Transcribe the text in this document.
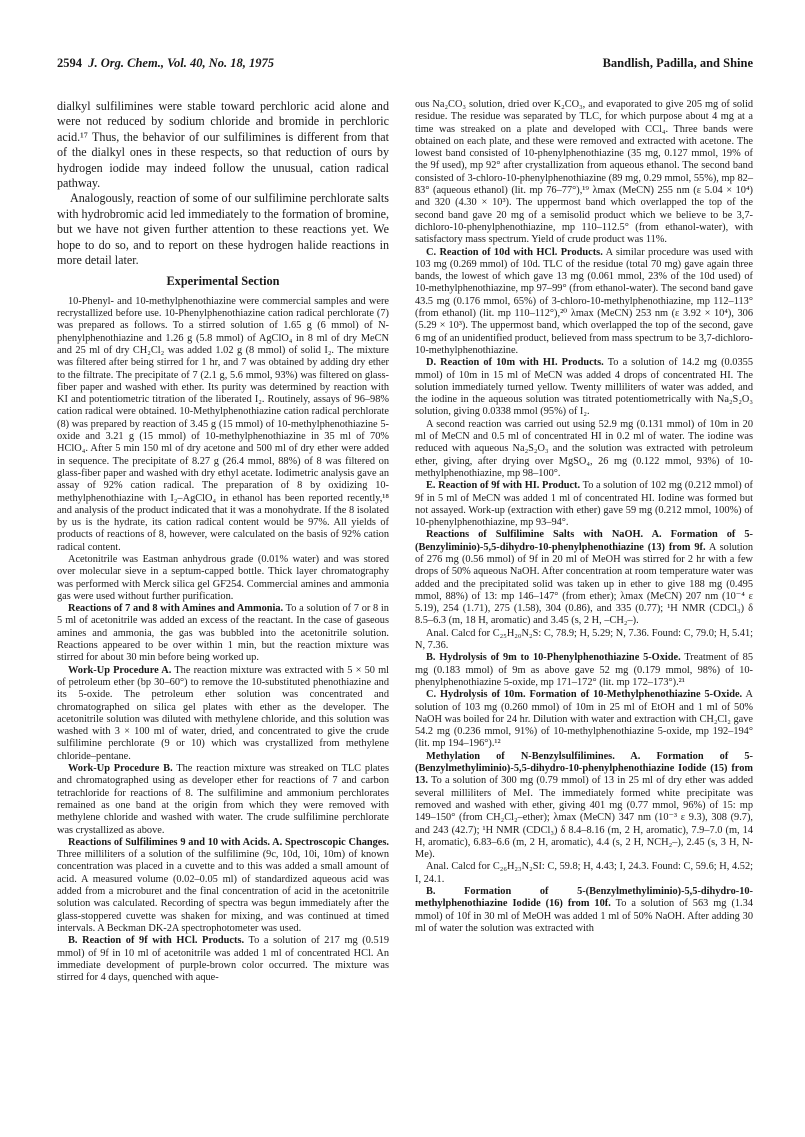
2594 J. Org. Chem., Vol. 40, No. 18, 1975	Bandlish, Padilla, and Shine

dialkyl sulfilimines were stable toward perchloric acid alone and were not reduced by sodium chloride and bromide in perchloric acid.¹⁷ Thus, the behavior of our sulfilimines is different from that of the dialkyl ones in these respects, so that reduction of ours by hydrogen iodide may indeed follow the unusual, cation radical pathway.

Analogously, reaction of some of our sulfilimine perchlorate salts with hydrobromic acid led immediately to the formation of bromine, but we have not given further attention to these reactions yet. We hope to do so, and to report on these hydrogen halide reactions in more detail later.

Experimental Section

10-Phenyl- and 10-methylphenothiazine were commercial samples and were recrystallized before use. 10-Phenylphenothiazine cation radical perchlorate (7) was prepared as follows. To a stirred solution of 1.65 g (6 mmol) of N-phenylphenothiazine and 1.26 g (5.8 mmol) of AgClO₄ in 8 ml of dry MeCN and 25 ml of dry CH₂Cl₂ was added 1.02 g (8 mmol) of solid I₂. The mixture was filtered after being stirred for 1 hr, and 7 was obtained by adding dry ether to the filtrate. The precipitate of 7 (2.1 g, 5.6 mmol, 93%) was filtered on glass-fiber paper and washed with ether. Its purity was determined by reaction with KI and potentiometric titration of the liberated I₂. Routinely, assays of 96–98% cation radical were obtained. 10-Methylphenothiazine cation radical perchlorate (8) was prepared by reaction of 3.45 g (15 mmol) of 10-methylphenothiazine 5-oxide and 3.21 g (15 mmol) of 10-methylphenothiazine in 35 ml of 70% HClO₄. After 5 min 150 ml of dry acetone and 500 ml of dry ether were added in sequence. The precipitate of 8.27 g (26.4 mmol, 88%) of 8 was filtered on glass-fiber paper and washed with dry ethyl acetate. Iodimetric analysis gave an assay of 92% cation radical. The preparation of 8 by oxidizing 10-methylphenothiazine with I₂–AgClO₄ in ethanol has been reported recently,¹⁸ and analysis of the product indicated that it was a monohydrate. If the 8 isolated by us is the hydrate, its cation radical content would be 97%. All yields of products of reactions of 8, however, were calculated on the basis of 92% cation radical content.

Acetonitrile was Eastman anhydrous grade (0.01% water) and was stored over molecular sieve in a septum-capped bottle. Thick layer chromatography was performed with Merck silica gel GF254. Commercial amines and ammonia gas were used without further purification.

Reactions of 7 and 8 with Amines and Ammonia. To a solution of 7 or 8 in 5 ml of acetonitrile was added an excess of the reactant. In the case of gaseous amines and ammonia, the gas was bubbled into the acetonitrile solution. Reactions appeared to be over within 1 min, but the reaction mixture was stirred for about 30 min before being worked up.

Work-Up Procedure A. The reaction mixture was extracted with 5 × 50 ml of petroleum ether (bp 30–60°) to remove the 10-substituted phenothiazine and its 5-oxide. The petroleum ether solution was concentrated and chromatographed on silica gel plates with ether as the developer. The acetonitrile solution was diluted with methylene chloride, and this solution was washed with 3 × 100 ml of water, dried, and concentrated to give the crude sulfilimine perchlorate (9 or 10) which was crystallized from methylene chloride–pentane.

Work-Up Procedure B. The reaction mixture was streaked on TLC plates and chromatographed using as developer ether for reactions of 7 and carbon tetrachloride for reactions of 8. The sulfilimine and ammonium perchlorates remained as one band at the origin from which they were removed with methylene chloride and washed with water. The crude sulfilimine perchlorate was crystallized as above.

Reactions of Sulfilimines 9 and 10 with Acids. A. Spectroscopic Changes. Three milliliters of a solution of the sulfilimine (9c, 10d, 10i, 10m) of known concentration was placed in a cuvette and to this was added a small amount of acid. A measured volume (0.02–0.05 ml) of standardized aqueous acid was added from a microburet and the final concentration of acid in the acetonitrile solution was calculated. Recording of spectra was begun immediately after the glass-stoppered cuvette was shaken for mixing, and was continued at timed intervals. A Beckman DK-2A spectrophotometer was used.

B. Reaction of 9f with HCl. Products. To a solution of 217 mg (0.519 mmol) of 9f in 10 ml of acetonitrile was added 1 ml of concentrated HCl. An immediate development of purple-brown color occurred. The mixture was stirred for 4 days, quenched with aque-

ous Na₂CO₃ solution, dried over K₂CO₃, and evaporated to give 205 mg of solid residue. The residue was separated by TLC, for which purpose about 4 mg at a time was streaked on a plate and developed with CCl₄. Three bands were obtained on each plate, and these were removed and extracted with acetone. The lowest band consisted of 10-phenylphenothiazine (35 mg, 0.127 mmol, 19% of the 9f used), mp 92° after crystallization from aqueous ethanol. The second band consisted of 3-chloro-10-phenylphenothiazine (89 mg, 0.29 mmol, 55%), mp 82–83° (aqueous ethanol) (lit. mp 76–77°),¹⁹ λmax (MeCN) 255 nm (ε 5.04 × 10⁴) and 320 (4.30 × 10³). The uppermost band which overlapped the top of the second band gave 20 mg of a semisolid product which we believe to be 3,7-dichloro-10-phenylphenothiazine, mp 110–112.5° (from ethanol-water), with satisfactory mass spectrum. Yield of crude product was 11%.

C. Reaction of 10d with HCl. Products. A similar procedure was used with 103 mg (0.269 mmol) of 10d. TLC of the residue (total 70 mg) gave again three bands, the lowest of which gave 13 mg (0.061 mmol, 23% of the 10d used) of 10-methylphenothiazine, mp 97–99° (from ethanol-water). The second band gave 43.5 mg (0.176 mmol, 65%) of 3-chloro-10-methylphenothiazine, mp 112–113° (from ethanol) (lit. mp 110–112°),²⁰ λmax (MeCN) 253 nm (ε 3.92 × 10⁴), 306 (5.29 × 10³). The uppermost band, which overlapped the top of the second, gave 6 mg of an unidentified product, believed from mass spectrum to be 3,7-dichloro-10-methylphenothiazine.

D. Reaction of 10m with HI. Products. To a solution of 14.2 mg (0.0355 mmol) of 10m in 15 ml of MeCN was added 4 drops of concentrated HI. The solution immediately turned yellow. Twenty milliliters of water was added, and the iodine in the aqueous solution was titrated potentiometrically with Na₂S₂O₃ solution, giving 0.0338 mmol (95%) of I₂.

A second reaction was carried out using 52.9 mg (0.131 mmol) of 10m in 20 ml of MeCN and 0.5 ml of concentrated HI in 0.2 ml of water. The iodine was reduced with aqueous Na₂S₂O₃ and the solution was extracted with petroleum ether, giving, after drying over MgSO₄, 26 mg (0.122 mmol, 93%) of 10-methylphenothiazine, mp 98–100°.

E. Reaction of 9f with HI. Product. To a solution of 102 mg (0.212 mmol) of 9f in 5 ml of MeCN was added 1 ml of concentrated HI. Iodine was formed but not assayed. Work-up (extraction with ether) gave 59 mg (0.212 mmol, 100%) of 10-phenylphenothiazine, mp 93–94°.

Reactions of Sulfilimine Salts with NaOH. A. Formation of 5-(Benzyliminio)-5,5-dihydro-10-phenylphenothiazine (13) from 9f. A solution of 276 mg (0.56 mmol) of 9f in 20 ml of MeOH was stirred for 2 hr with a few drops of 50% aqueous NaOH. After concentration at room temperature water was added and the precipitated solid was taken up in ether to give 188 mg (0.495 mmol, 88%) of 13: mp 146–147° (from ether); λmax (MeCN) 207 nm (10⁻⁴ ε 5.19), 254 (1.71), 275 (1.58), 304 (0.86), and 335 (0.77); ¹H NMR (CDCl₃) δ 8.5–6.3 (m, 18 H, aromatic) and 3.45 (s, 2 H, –CH₂–).

Anal. Calcd for C₂₅H₂₀N₂S: C, 78.9; H, 5.29; N, 7.36. Found: C, 79.0; H, 5.41; N, 7.36.

B. Hydrolysis of 9m to 10-Phenylphenothiazine 5-Oxide. Treatment of 85 mg (0.183 mmol) of 9m as above gave 52 mg (0.179 mmol, 98%) of 10-phenylphenothiazine 5-oxide, mp 171–172° (lit. mp 172–173°).²¹

C. Hydrolysis of 10m. Formation of 10-Methylphenothiazine 5-Oxide. A solution of 103 mg (0.260 mmol) of 10m in 25 ml of EtOH and 1 ml of 50% NaOH was boiled for 24 hr. Dilution with water and extraction with CH₂Cl₂ gave 54.2 mg (0.236 mmol, 91%) of 10-methylphenothiazine 5-oxide, mp 192–194° (lit. mp 194–196°).¹²

Methylation of N-Benzylsulfilimines. A. Formation of 5-(Benzylmethyliminio)-5,5-dihydro-10-phenylphenothiazine Iodide (15) from 13. To a solution of 300 mg (0.79 mmol) of 13 in 25 ml of dry ether was added several milliliters of MeI. The immediately formed white precipitate was removed and washed with ether, giving 401 mg (0.77 mmol, 96%) of 15: mp 149–150° (from CH₂Cl₂–ether); λmax (MeCN) 347 nm (10⁻³ ε 9.3), 308 (9.7), and 243 (42.7); ¹H NMR (CDCl₃) δ 8.4–8.16 (m, 2 H, aromatic), 7.9–7.0 (m, 14 H, aromatic), 6.83–6.6 (m, 2 H, aromatic), 4.4 (s, 2 H, NCH₂–), 2.45 (s, 3 H, N-Me).

Anal. Calcd for C₂₆H₂₃N₂SI: C, 59.8; H, 4.43; I, 24.3. Found: C, 59.6; H, 4.52; I, 24.1.

B. Formation of 5-(Benzylmethyliminio)-5,5-dihydro-10-methylphenothiazine Iodide (16) from 10f. To a solution of 563 mg (1.34 mmol) of 10f in 30 ml of MeOH was added 1 ml of 50% NaOH. After adding 30 ml of water the solution was extracted with
